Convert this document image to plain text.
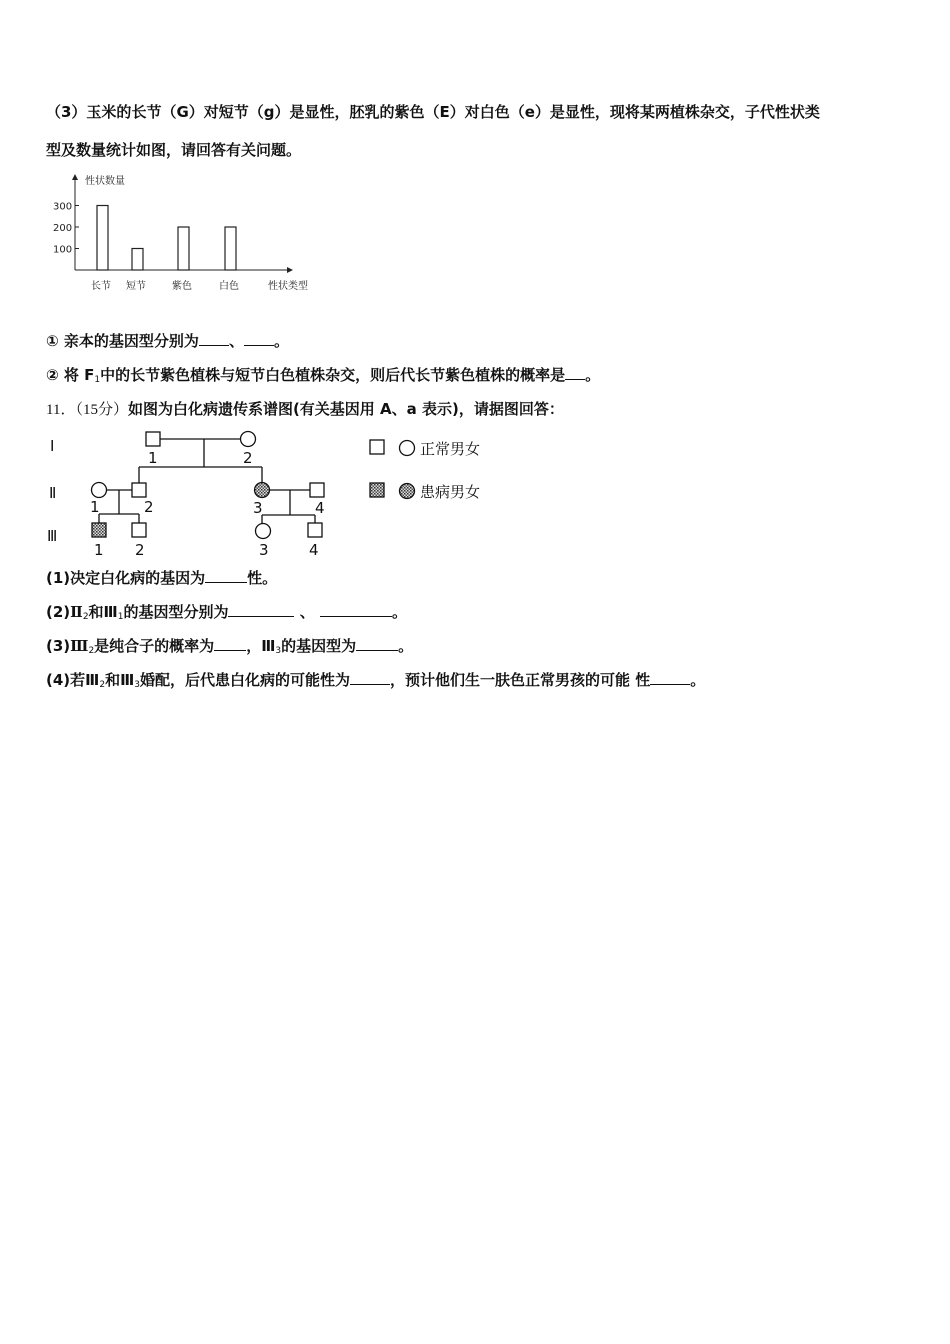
（3）玉米的长节（G）对短节（g）是显性，胚乳的紫色（E）对白色（e）是显性，现将某两植株杂交，子代性状类
型及数量统计如图，请回答有关问题。
性状数量
100
200
300
长节 短节	紫色	白色	性状类型
① 亲本的基因型分别为 、 。
② 将 $F_1$中的长节紫色植株与短节白色植株杂交，则后代长节紫色植株的概率是 。
11．（15分）如图为白化病遗传系谱图(有关基因用 A、a 表示)，请据图回答：
Ⅰ
Ⅱ
Ⅲ
1	2
1	2	3	4
1 2	3	4
正常男女
患病男女
(1)决定白化病的基因为	性。
$(2)Ⅱ_2$和$Ⅲ_1$的基因型分别为	、	。
$(3)Ⅲ_2$是纯合子的概率为 ，$Ⅲ_3$的基因型为	。
(4)若$Ⅲ_2$和$Ⅲ_3$婚配，后代患白化病的可能性为	，预计他们生一肤色正常男孩的可能 性	。
